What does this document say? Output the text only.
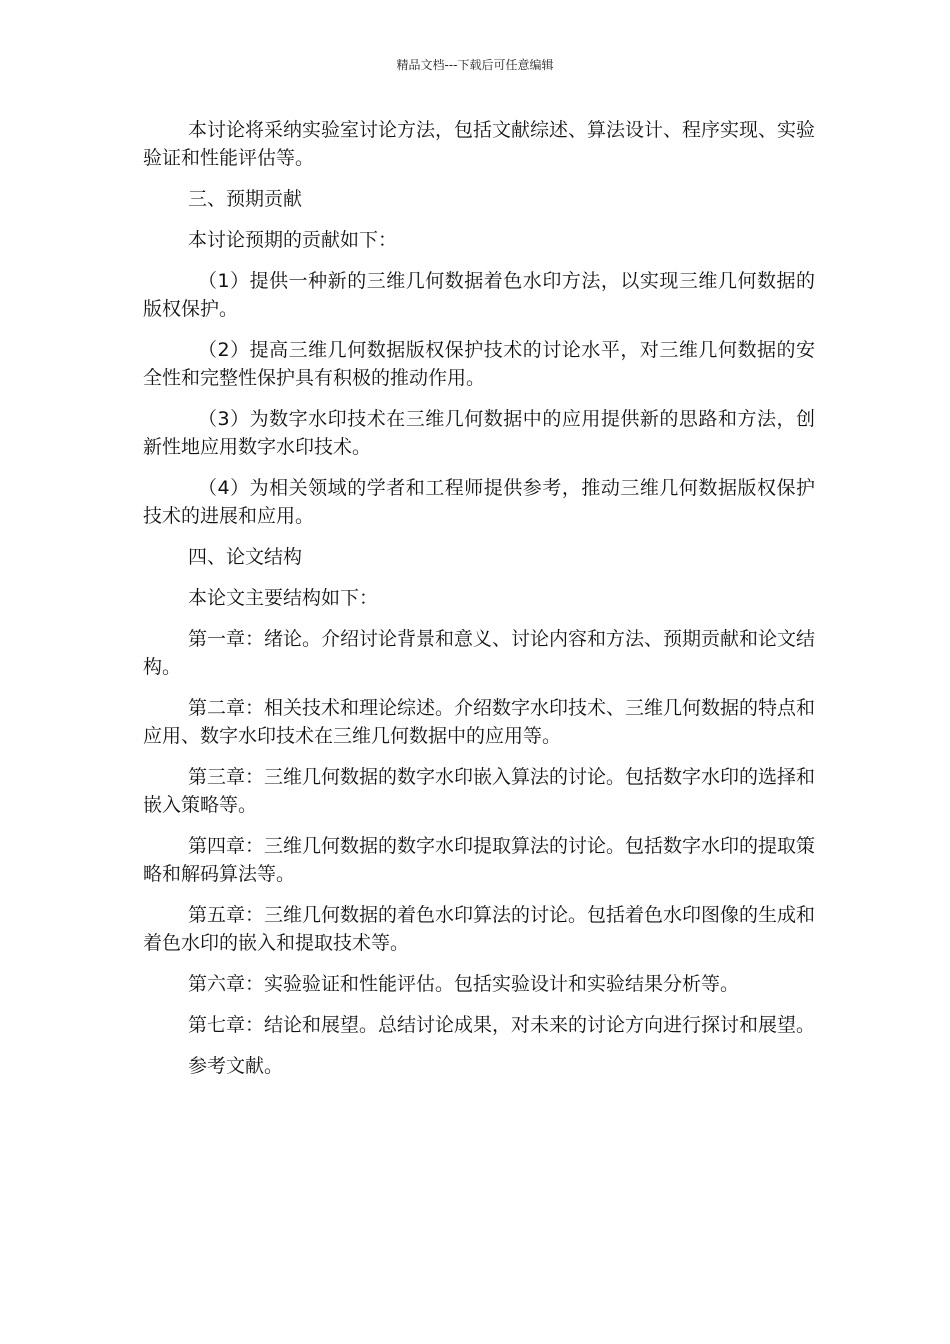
精品文档---下载后可任意编辑

本讨论将采纳实验室讨论方法，包括文献综述、算法设计、程序实现、实验验证和性能评估等。

三、预期贡献

本讨论预期的贡献如下：

（1）提供一种新的三维几何数据着色水印方法，以实现三维几何数据的版权保护。

（2）提高三维几何数据版权保护技术的讨论水平，对三维几何数据的安全性和完整性保护具有积极的推动作用。

（3）为数字水印技术在三维几何数据中的应用提供新的思路和方法，创新性地应用数字水印技术。

（4）为相关领域的学者和工程师提供参考，推动三维几何数据版权保护技术的进展和应用。

四、论文结构

本论文主要结构如下：

第一章：绪论。介绍讨论背景和意义、讨论内容和方法、预期贡献和论文结构。

第二章：相关技术和理论综述。介绍数字水印技术、三维几何数据的特点和应用、数字水印技术在三维几何数据中的应用等。

第三章：三维几何数据的数字水印嵌入算法的讨论。包括数字水印的选择和嵌入策略等。

第四章：三维几何数据的数字水印提取算法的讨论。包括数字水印的提取策略和解码算法等。

第五章：三维几何数据的着色水印算法的讨论。包括着色水印图像的生成和着色水印的嵌入和提取技术等。

第六章：实验验证和性能评估。包括实验设计和实验结果分析等。

第七章：结论和展望。总结讨论成果，对未来的讨论方向进行探讨和展望。

参考文献。
